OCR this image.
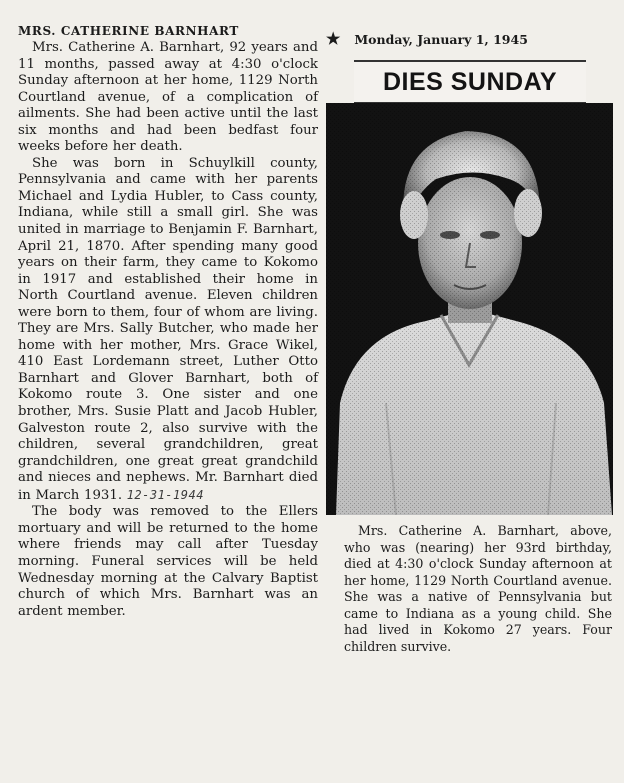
MRS. CATHERINE BARNHART

Mrs. Catherine A. Barnhart, 92 years and 11 months, passed away at 4:30 o'clock Sunday afternoon at her home, 1129 North Courtland avenue, of a complication of ailments. She had been active until the last six months and had been bedfast four weeks before her death.

She was born in Schuylkill county, Pennsylvania and came with her parents Michael and Lydia Hubler, to Cass county, Indiana, while still a small girl. She was united in marriage to Benjamin F. Barnhart, April 21, 1870. After spending many good years on their farm, they came to Kokomo in 1917 and established their home in North Courtland avenue. Eleven children were born to them, four of whom are living. They are Mrs. Sally Butcher, who made her home with her mother, Mrs. Grace Wikel, 410 East Lordemann street, Luther Otto Barnhart and Glover Barnhart, both of Kokomo route 3. One sister and one brother, Mrs. Susie Platt and Jacob Hubler, Galveston route 2, also survive with the children, several grandchildren, great grandchildren, one great great grandchild and nieces and nephews. Mr. Barnhart died in March 1931. 12-31-1944

The body was removed to the Ellers mortuary and will be returned to the home where friends may call after Tuesday morning. Funeral services will be held Wednesday morning at the Calvary Baptist church of which Mrs. Barnhart was an ardent member.

★ Monday, January 1, 1945
DIES SUNDAY

Mrs. Catherine A. Barnhart, above, who was (nearing) her 93rd birthday, died at 4:30 o'clock Sunday afternoon at her home, 1129 North Courtland avenue. She was a native of Pennsylvania but came to Indiana as a young child. She had lived in Kokomo 27 years. Four children survive.
